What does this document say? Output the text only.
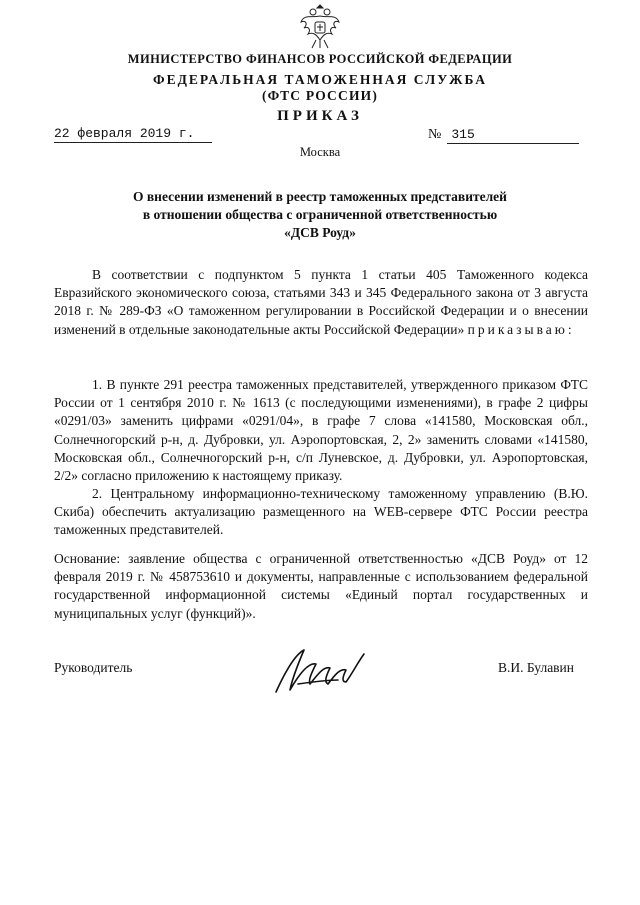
МИНИСТЕРСТВО ФИНАНСОВ РОССИЙСКОЙ ФЕДЕРАЦИИ
ФЕДЕРАЛЬНАЯ ТАМОЖЕННАЯ СЛУЖБА
(ФТС РОССИИ)
ПРИКАЗ
22 февраля 2019 г.	№ 315
Москва
О внесении изменений в реестр таможенных представителей
в отношении общества с ограниченной ответственностью
«ДСВ Роуд»
В соответствии с подпунктом 5 пункта 1 статьи 405 Таможенного кодекса Евразийского экономического союза, статьями 343 и 345 Федерального закона от 3 августа 2018 г. № 289-ФЗ «О таможенном регулировании в Российской Федерации и о внесении изменений в отдельные законодательные акты Российской Федерации» приказываю:
1. В пункте 291 реестра таможенных представителей, утвержденного приказом ФТС России от 1 сентября 2010 г. № 1613 (с последующими изменениями), в графе 2 цифры «0291/03» заменить цифрами «0291/04», в графе 7 слова «141580, Московская обл., Солнечногорский р-н, д. Дубровки, ул. Аэропортовская, 2, 2» заменить словами «141580, Московская обл., Солнечногорский р-н, с/п Луневское, д. Дубровки, ул. Аэропортовская, 2/2» согласно приложению к настоящему приказу.
2. Центральному информационно-техническому таможенному управлению (В.Ю. Скиба) обеспечить актуализацию размещенного на WEB-сервере ФТС России реестра таможенных представителей.
Основание: заявление общества с ограниченной ответственностью «ДСВ Роуд» от 12 февраля 2019 г. № 458753610 и документы, направленные с использованием федеральной государственной информационной системы «Единый портал государственных и муниципальных услуг (функций)».
Руководитель	В.И. Булавин
